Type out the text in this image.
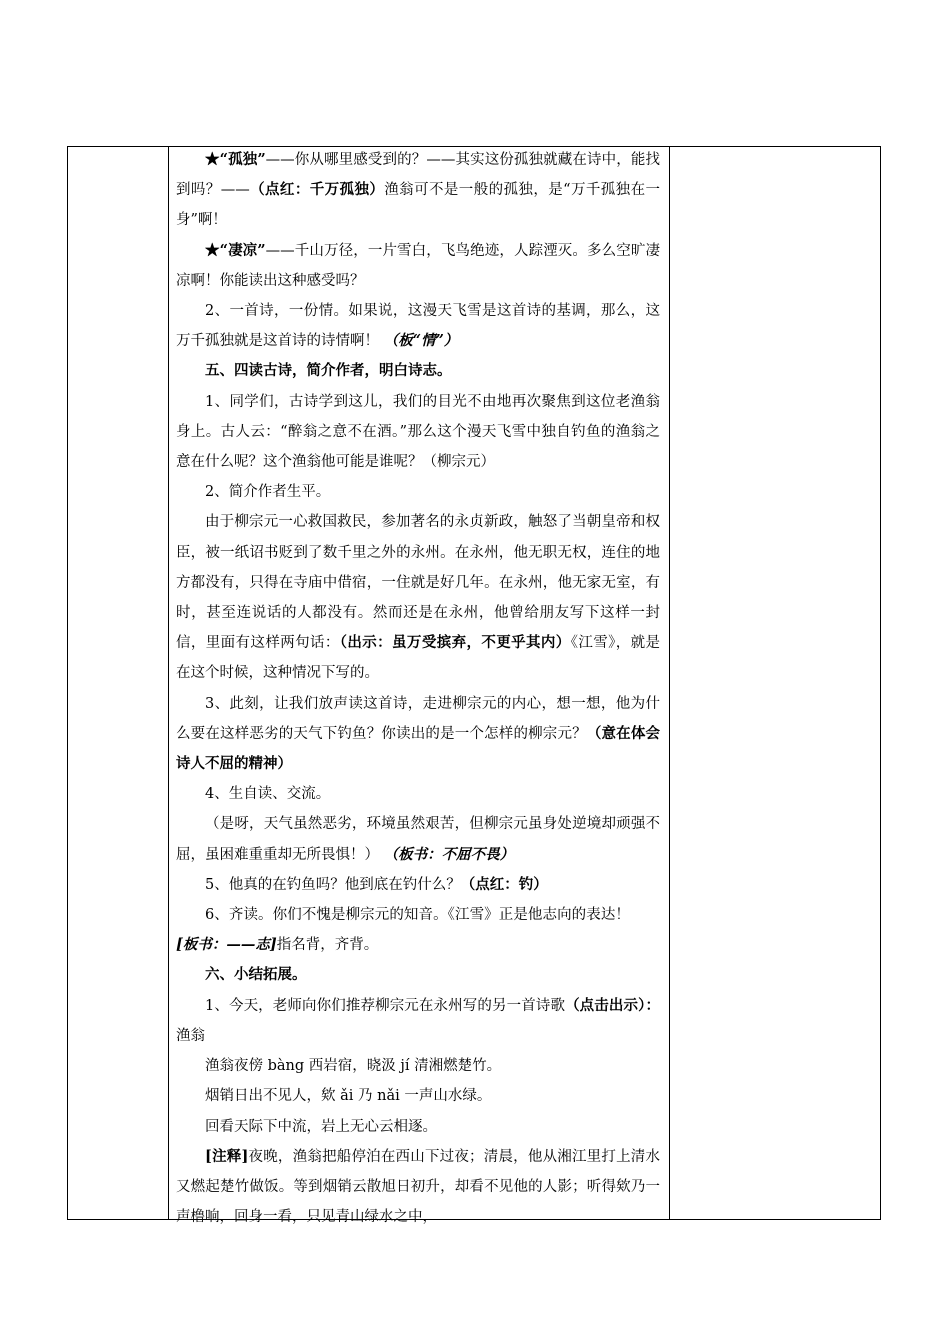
★“孤独”——你从哪里感受到的？——其实这份孤独就藏在诗中，能找到吗？——（点红：千万孤独）渔翁可不是一般的孤独，是“万千孤独在一身”啊！

★“凄凉”——千山万径，一片雪白，飞鸟绝迹，人踪湮灭。多么空旷凄凉啊！你能读出这种感受吗？

2、一首诗，一份情。如果说，这漫天飞雪是这首诗的基调，那么，这万千孤独就是这首诗的诗情啊！ （板“情”）

五、四读古诗，简介作者，明白诗志。

1、同学们，古诗学到这儿，我们的目光不由地再次聚焦到这位老渔翁身上。古人云：“醉翁之意不在酒。”那么这个漫天飞雪中独自钓鱼的渔翁之意在什么呢？这个渔翁他可能是谁呢？（柳宗元）

2、简介作者生平。

由于柳宗元一心救国救民，参加著名的永贞新政，触怒了当朝皇帝和权臣，被一纸诏书贬到了数千里之外的永州。在永州，他无职无权，连住的地方都没有，只得在寺庙中借宿，一住就是好几年。在永州，他无家无室，有时，甚至连说话的人都没有。然而还是在永州，他曾给朋友写下这样一封信，里面有这样两句话：（出示：虽万受摈弃，不更乎其内）《江雪》，就是在这个时候，这种情况下写的。

3、此刻，让我们放声读这首诗，走进柳宗元的内心，想一想，他为什么要在这样恶劣的天气下钓鱼？你读出的是一个怎样的柳宗元？（意在体会诗人不屈的精神）

4、生自读、交流。

（是呀，天气虽然恶劣，环境虽然艰苦，但柳宗元虽身处逆境却顽强不屈，虽困难重重却无所畏惧！） （板书：不屈不畏）

5、他真的在钓鱼吗？他到底在钓什么？（点红：钓）

6、齐读。你们不愧是柳宗元的知音。《江雪》正是他志向的表达！[板书：——志]指名背，齐背。

六、小结拓展。

1、今天，老师向你们推荐柳宗元在永州写的另一首诗歌（点击出示）：渔翁

渔翁夜傍 bàng 西岩宿，晓汲 jí 清湘燃楚竹。

烟销日出不见人，欸 ǎi 乃 nǎi 一声山水绿。

回看天际下中流，岩上无心云相逐。

[注释]夜晚，渔翁把船停泊在西山下过夜；清晨，他从湘江里打上清水又燃起楚竹做饭。等到烟销云散旭日初升，却看不见他的人影；听得欸乃一声橹响，回身一看，只见青山绿水之中，
